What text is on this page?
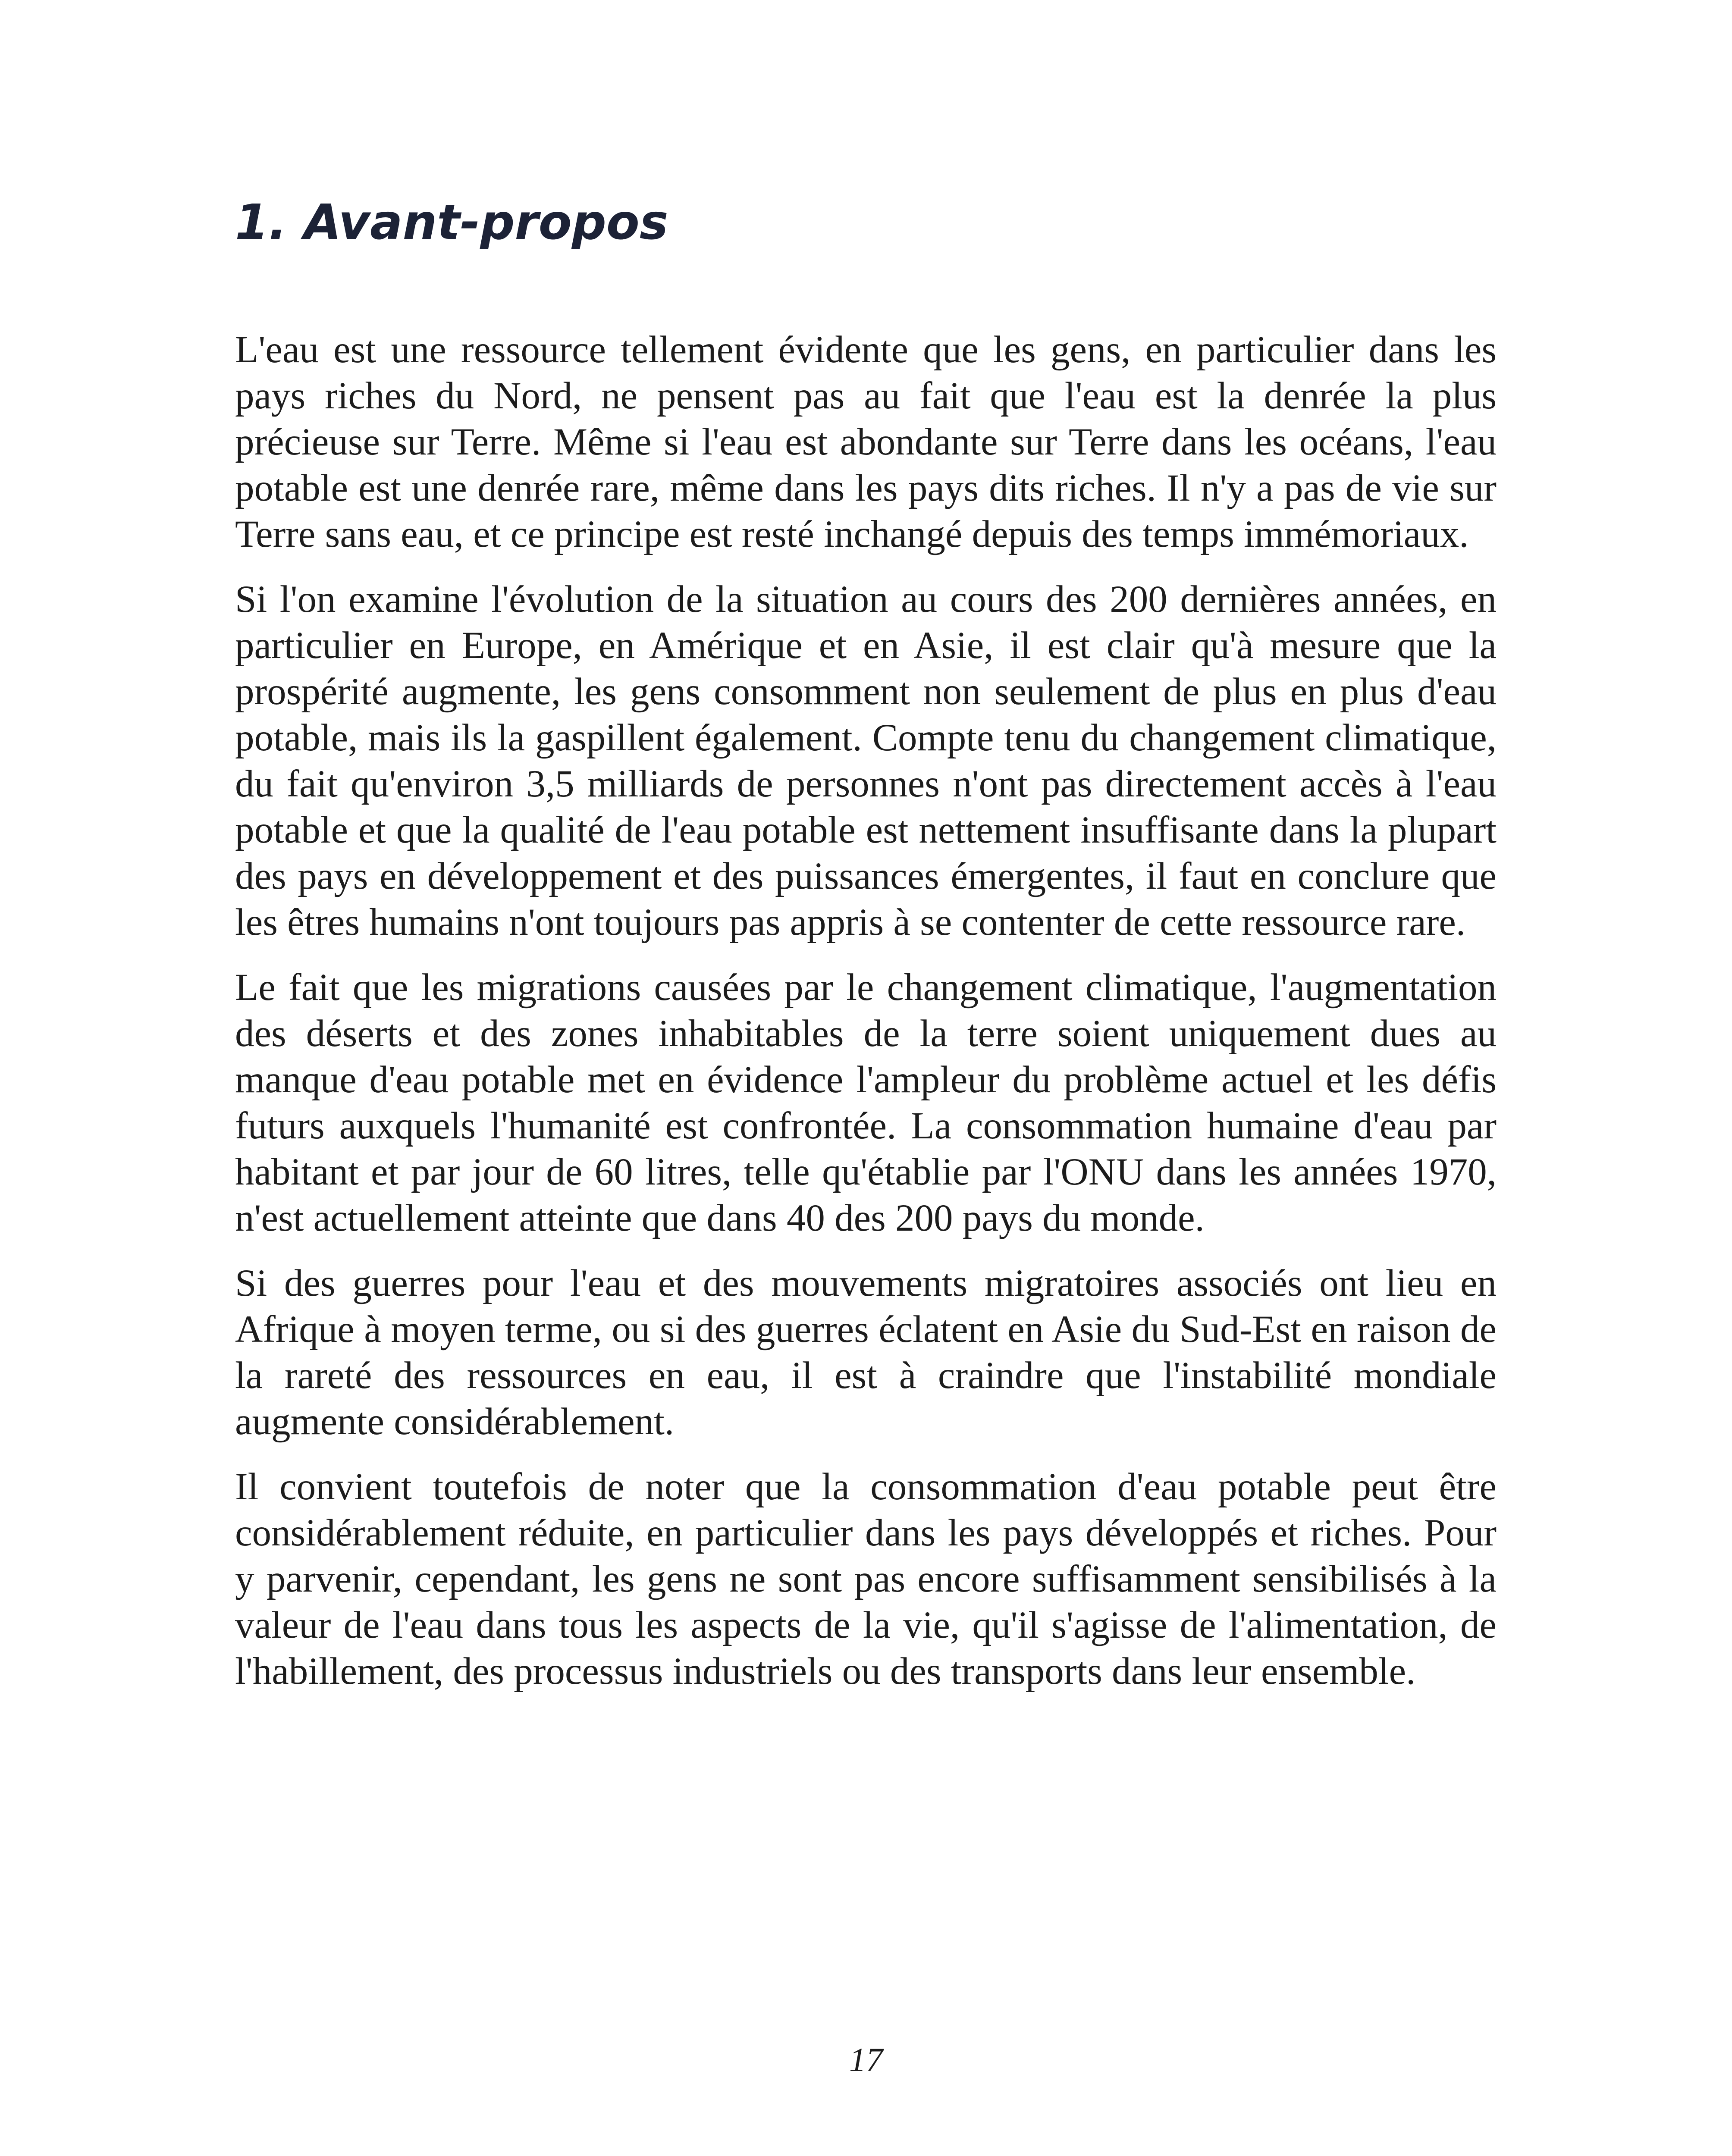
1. Avant-propos

L'eau est une ressource tellement évidente que les gens, en particulier dans les pays riches du Nord, ne pensent pas au fait que l'eau est la denrée la plus précieuse sur Terre. Même si l'eau est abondante sur Terre dans les océans, l'eau potable est une denrée rare, même dans les pays dits riches. Il n'y a pas de vie sur Terre sans eau, et ce principe est resté inchangé depuis des temps immémoriaux.

Si l'on examine l'évolution de la situation au cours des 200 dernières années, en particulier en Europe, en Amérique et en Asie, il est clair qu'à mesure que la prospérité augmente, les gens consomment non seulement de plus en plus d'eau potable, mais ils la gaspillent également. Compte tenu du changement climatique, du fait qu'environ 3,5 milliards de personnes n'ont pas directement accès à l'eau potable et que la qualité de l'eau potable est nettement insuffisante dans la plupart des pays en développement et des puissances émergentes, il faut en conclure que les êtres humains n'ont toujours pas appris à se contenter de cette ressource rare.

Le fait que les migrations causées par le changement climatique, l'augmentation des déserts et des zones inhabitables de la terre soient uniquement dues au manque d'eau potable met en évidence l'ampleur du problème actuel et les défis futurs auxquels l'humanité est confrontée. La consommation humaine d'eau par habitant et par jour de 60 litres, telle qu'établie par l'ONU dans les années 1970, n'est actuellement atteinte que dans 40 des 200 pays du monde.

Si des guerres pour l'eau et des mouvements migratoires associés ont lieu en Afrique à moyen terme, ou si des guerres éclatent en Asie du Sud-Est en raison de la rareté des ressources en eau, il est à craindre que l'instabilité mondiale augmente considérablement.

Il convient toutefois de noter que la consommation d'eau potable peut être considérablement réduite, en particulier dans les pays développés et riches. Pour y parvenir, cependant, les gens ne sont pas encore suffisamment sensibilisés à la valeur de l'eau dans tous les aspects de la vie, qu'il s'agisse de l'alimentation, de l'habillement, des processus industriels ou des transports dans leur ensemble.

17
